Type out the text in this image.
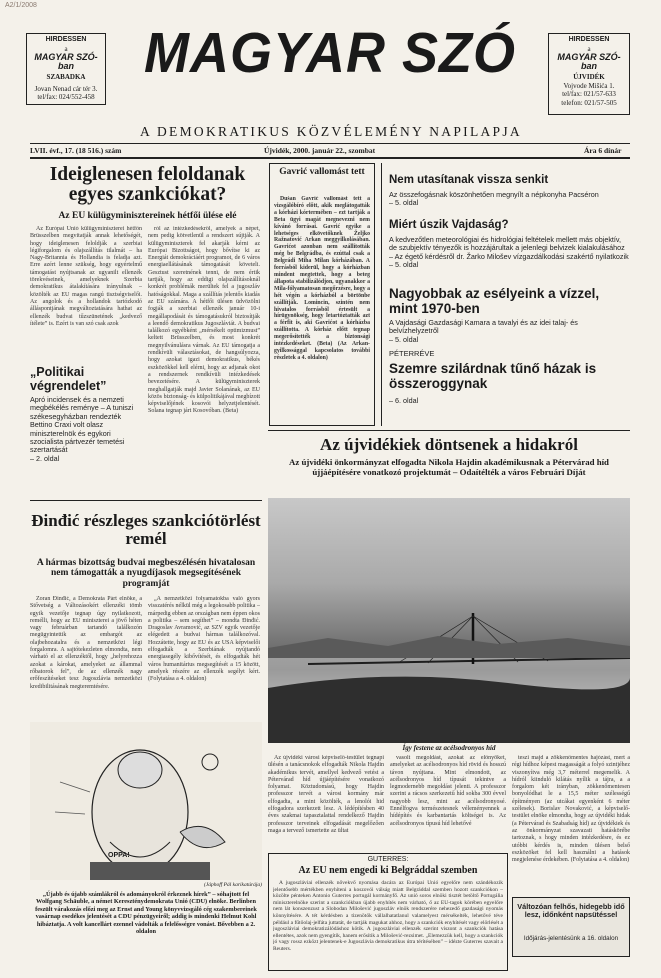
A2/1/2008
HIRDESSEN
a
MAGYAR SZÓ-ban
SZABADKA
Jovan Nenad cár tér 3.
tel/fax: 024/552-458
HIRDESSEN
a
MAGYAR SZÓ-ban
ÚJVIDÉK
Vojvode Mišića 1.
tel/fax: 021/57-633
telefon: 021/57-505
MAGYAR SZÓ
A DEMOKRATIKUS KÖZVÉLEMÉNY NAPILAPJA
LVII. évf., 17. (18 516.) szám	Újvidék, 2000. január 22., szombat	Ára 6 dínár
Ideiglenesen feloldanak egyes szankciókat?
Az EU külügyminisztereinek hétfői ülése elé

Az Európai Unió külügyminiszterei hétfőn Brüsszelben megvitatják annak lehetőségét, hogy ideiglenesen feloldják a szerbiai légiforgalom és olajszállítás tilalmát – ha Nagy-Britannia és Hollandia is feladja azt. Erre azért lenne szükség, hogy egyértelmű támogatást nyújtsanak az ugyanilt ellenzék törekvéseinek, amelyeknek Szerbia demokratikus átalakítására irányulnak – közölték az EU magas rangú tisztségviselői. Az angolok és a hollandok tartózkodó álláspontjának megváltoztatására hathat az ellenzék budvai tűzszünetének „kedvező ítélete” is. Ezért is van szó csak azok

ról az intézkedésekről, amelyek a népet, nem pedig kötvetlenül a rendszert sújtják. A külügyminiszterek fel akarják kérni az Európai Bizottságot, hogy bővítse ki az Energiát demokráciáért programot, de 6 város energiaellátásának támogatását követeli. Gesztust szeretnének tenni, de nem értik tartják, hogy az eddigi olajszállításoknál konkrét problémák merültek fel a jugoszláv hatóságokkal. Maga a szállítás jelentős kiadás az EU számára. A hétfői ülésen üdvözölni fogják a szerbiai ellenzék január 10-i megállapodását és támogatásukról biztosítják a leendő demokratikus Jugoszláviát. A budvai találkozó egyébként „mérsékelt optimizmust” keltett Brüsszelben, és most konkrét megnyilvánulásra várnak. Az EU támogatja a rendkívüli választásokat, de hangsúlyozza, hogy azokat igazi demokratikus, békés eszközökkel kell elérni, hogy az adjanak okot a rendszernek rendkívüli intézkedések bevezetésére. A külügyminiszterek meghallgatják majd Javier Solanának, az EU közös biztonság- és külpolitikájával megbízott képviselőjének kosovói helyzetjelentését. Solana tegnap járt Kosovóban. (Beta)

„Politikai végrendelet”
Apró incidensek és a nemzeti megbékélés reménye – A tuniszi székesegyházban rendezték Bettino Craxi volt olasz miniszterelnök és egykori szocialista pártvezér temetési szertartását
– 2. oldal
Gavrić vallomást tett

Dušan Gavrić vallomást tett a vizsgálóbíró előtt, akik meglátogatták a kórházi kórtermében – ezt tartják a Beta ügyi magát megnevezni nem kívánó forrásai. Gavrić egyike a lehetséges elkövetőknek Željko Ražnatović Arkan meggyilkolásában. Gavrićot azonban nem szállították még be Belgrádba, és ezúttal csak a Belgrádi Miha Milan kórházában. A forrásból kiderül, hogy a kórházban mindent megtettek, hogy a beteg állapota stabilizálódjon, ugyanakkor a Mila-fólyamatosan megőrzésre, hogy a hét végén a kórházból a börtönbe szállítják. Lomincin, szintén nem hivatalos forrásból értesült a hírügynökség, hogy letartóztatták azt a férfit is, aki Gavrićot a kórházba szállította. A kórház előtt tegnap megerősítették a biztonsági intézkedéseket. (Beta) (Az Arkan-gyilkossággal kapcsolatos további részletek a 4. oldalon)

Nem utasítanak vissza senkit
Az összefogásnak köszönhetően megnyílt a népkonyha Pacséron
– 5. oldal
Miért úszik Vajdaság?
A kedvezőtlen meteorológiai és hidrológiai feltételek mellett más objektív, de szubjektív tényezők is hozzájárultak a jelenlegi belvizek kialakulásához – Az égető kérdésről dr. Žarko Milošev vízgazdálkodási szakértő nyilatkozik
– 5. oldal
Nagyobbak az esélyeink a vízzel, mint 1970-ben
A Vajdasági Gazdasági Kamara a tavalyi és az idei talaj- és belvízhelyzetről
– 5. oldal
PÉTERRÉVE
Szemre szilárdnak tűnő házak is összeroggynak
– 6. oldal
Az újvidékiek döntsenek a hidakról
Az újvidéki önkormányzat elfogadta Nikola Hajdin akadémikusnak a Pétervárad híd újjáépítésére vonatkozó projektumát – Odaítélték a város Februári Díját
Így festene az acélsodronyos híd

Az újvidéki városi képviselő-testület tegnapi ülésén a tanácsnokok elfogadták Nikola Hajdin akadémikus tervét, amellyel kedvező vetést a Pétervárad híd újjáépítésére vonatkozó folyamat. Köztudomású, hogy Hajdin professzor tervét a városi kormány már elfogadta, a mint közölték, a lenolói hid elfogadora szerkezett lesz. A lédépítésben 40 éves szakmai tapasztalattal rendelkező Hajdin professzor terveinek elfogadását megelőzően maga a tervező ismertette az ültat

vasolt megoldást, azokat az előnyöket, amelyeket az acélsodronyos híd rövid és hosszú távon nyújtana. Mint elmondott, az acélsodronyos híd típusát tekintve a legmodernebb megoldást jelenti. A professzor szerint a rácsos szerkezetű híd sokba 300 évvel nagyobb lesz, mint az acélsodronyosé. Ennélfogva természetesnek véleményennek a hídépítés és karbantartás költségei is. Az acélsodronyos típusú híd lehetővé

teszi majd a zökkenőmentes hajózást, mert a régi hídhoz képest magasságát a folyó szintjéhez viszonyítva még 3,7 méterrel megemelik. A hídról kiinduló kilátás nyílik a tájra, a a forgalom két irányban, zökkenőmentesen bonyolódhat le a 15,5 méter szélességű építményen (az utcákat egyenként 6 méter szélesek). Borislav Novaković, a képviselő-testület elnöke elmondta, hogy az újvidéki hidak (a Pétervárad és Szabadság híd) az újvidékiek és az önkormányzat szavazati hatáskörébe tartoznak, s hogy minden intézkedésre, és ez utóbbi kérdés is, minden ülésen belső eszközöket fel kell használni a hatások megjelenése érdekében. (Folytatása a 4. oldalon)

Đinđić részleges szankciótörlést remél
A hármas bizottság budvai megbeszélésén hivatalosan nem támogatták a nyugdíjasok megsegítésének programját

Zoran Đinđić, a Demokrata Párt elnöke, a Stővetség a Változásokért ellenzéki tömb egyik vezetője tegnap úgy nyilatkozott, remélli, hogy az EU miniszterei a jövő héten vagy februárban tartandó találkozón megügyintettik az embargót az olajbehozatalra és a nemzetközi légi forgalomra. A sajtótekezleten elmondta, nem várható el az ellenzéktől, hogy „helyrehozza azokat a károkat, amelyeket az állammal rőbatorok fel”, de az ellenzék nagy erőfeszítéseket tesz Jugoszlávia nemzetközi kredibilitásának megteremtésére.

„A nemzetközi folyamatokba való gyors visszatérés nélkül még a legokosabb politika – márpedig ebben az országban nem éppen okos a politika – sem segíthet” – mondta Đinđić. Dragoslav Avramović, az SZV egyik vezetője elégedett a budvai hármas találkozóval. Hozzátette, hogy az EU és az USA képviselői elfogadták a Szerbiának nyújtandó energiasegély kibővítését, és elfogadták hét város humanitárius megsegítését a 15 között, amelyek részére az ellenzék segélyt kért. (Folytatása a 4. oldalon)

OPPA!
(Jáphoff Pál karikatúrája)
„Újabb és újabb számlákról és adományokról érkeznek hírek” – sóhajtott fel Wolfgang Schäuble, a német Kereszténydemokrata Unió (CDU) elnöke. Berlinben feszült várakozás előzi meg az Ernst and Young könyvvizsgáló cég szakembereinek vasárnap esedékes jelentését a CDU pénzügyeiről; addig is mindenki Helmut Kohl hibáztatja. A volt kancellárt ezennel vádolták a felelősségre vonást. Bővebben a 2. oldalon
GUTERRES:
Az EU nem engedi ki Belgráddal szemben

A jugoszláviai ellenzék nővekvő nyomása dacára az Európai Unió egyelőre nem szándékozik jelentősebb mértékben enyhíteni a koszovói válság miatt Belgráddal szemben hozott szankciókon – közölte pénteken Antonio Guterres portugál kormányfő. Az unió soros elnöki tisztét betöltő Portugália miniszterelnöke szerint a szankciókban újabb enyhítés nem várható, ő az EU-tagok körében egyelőre nem lát konszenzust a Slobodan Milošević jugoszláv elnök rendszerére nehezedő gazdasági nyomás könnyítésére. A tét kérdésben a tizenötök vállalhatatlanul valamelyest mérsékelték, lehetővé téve például a fűtőolaj-jelfáta juttatát, de tartják magukat ahhoz, hogy a szankciók enyhítését vagy elörlését a jugoszláviai demokratizálódáshoz kötik. A jugoszláviai ellenzék szerint viszont a szankciók hatása ellentétes, azok nem gyengítik, hanem erősítik a Milošević-rezsimet. „Elemezzük kell, hogy a szankciók jó vagy rossz ezközt jelentenek-e Jugoszlávia demokratikus útra térítésében” – idézte Guterres szavait a Reuters.

Változóan felhős, hidegebb idő lesz, időnként napsütéssel
Időjárás-jelentésünk a 16. oldalon
